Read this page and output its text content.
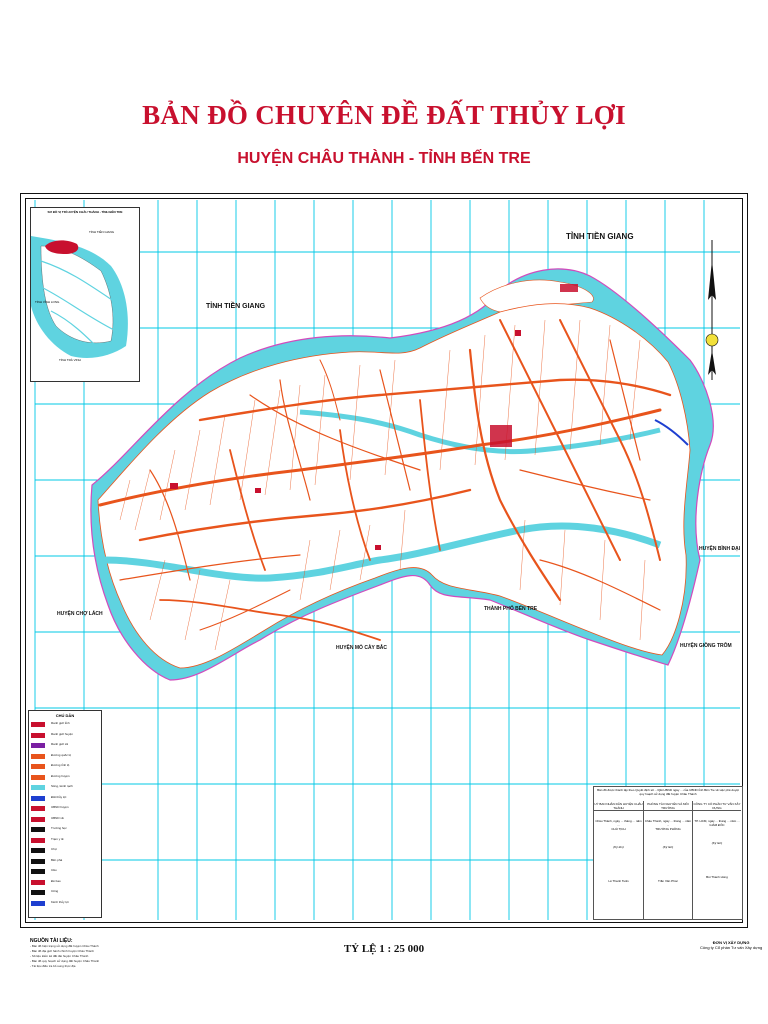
BẢN ĐỒ CHUYÊN ĐỀ ĐẤT THỦY LỢI
HUYỆN CHÂU THÀNH - TỈNH BẾN TRE
TỈNH TIỀN GIANG
TỈNH TIỀN GIANG
HUYỆN CHỢ LÁCH
HUYỆN MỎ CÀY BẮC
THÀNH PHỐ BẾN TRE
HUYỆN BÌNH ĐẠI
HUYỆN GIỒNG TRÔM
SƠ ĐỒ VỊ TRÍ HUYỆN CHÂU THÀNH - TỈNH BẾN TRE
TỈNH TIỀN GIANG
TỈNH VĨNH LONG
TỈNH TRÀ VINH
CHÚ DẪN
Ranh giới tỉnh
Ranh giới huyện
Ranh giới xã
Đường quốc lộ
Đường tỉnh lộ
Đường huyện
Sông, kênh rạch
Đất thủy lợi
UBND huyện
UBND xã
Trường học
Trạm y tế
Chợ
Bến phà
Cầu
Đê bao
Cống
Kênh thủy lợi
Bản đồ được thành lập theo Quyết định số .../QĐ-UBND ngày ... của UBND tỉnh Bến Tre về việc phê duyệt quy hoạch sử dụng đất huyện Châu Thành
UỶ BAN NHÂN DÂN HUYỆN CHÂU THÀNH
Châu Thành, ngày ... tháng ... năm ...
CHỦ TỊCH
(Ký tên)
Lê Thanh Tuấn
PHÒNG TÀI NGUYÊN VÀ MÔI TRƯỜNG
Châu Thành, ngày ... tháng ... năm ...
TRƯỞNG PHÒNG
(Ký tên)
Trần Văn Phúc
CÔNG TY CỔ PHẦN TƯ VẤN XÂY DỰNG
TP. HCM, ngày ... tháng ... năm ...
GIÁM ĐỐC
(Ký tên)
Bùi Thanh Hùng
NGUỒN TÀI LIỆU:
- Bản đồ hiện trạng sử dụng đất huyện Châu Thành
- Bản đồ địa giới hành chính huyện Châu Thành
- Số liệu kiểm kê đất đai huyện Châu Thành
- Bản đồ quy hoạch sử dụng đất huyện Châu Thành
- Tài liệu điều tra bổ sung thực địa
TỶ LỆ 1 : 25 000
ĐƠN VỊ XÂY DỰNG
Công ty Cổ phần Tư vấn Xây dựng
